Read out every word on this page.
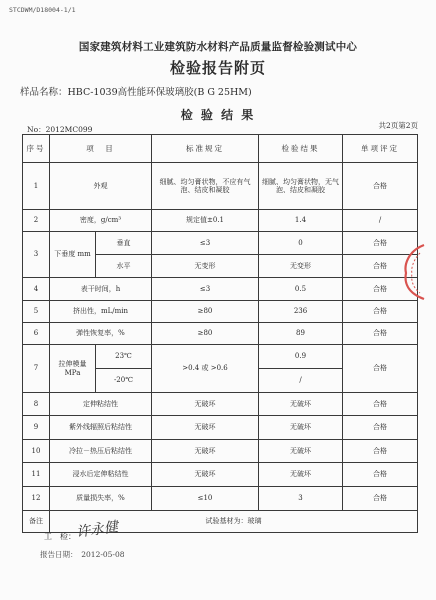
STCDWM/D18004-1/1
国家建筑材料工业建筑防水材料产品质量监督检验测试中心
检验报告附页
样品名称：HBC-1039高性能环保玻璃胶(B G 25HM)
检 验 结 果
No：2012MC099	共2页第2页
序号	项　目		标准规定	检验结果	单项评定
1	外观		细腻、均匀膏状物，不应有气泡、结皮和凝胶	细腻、均匀膏状物，无气泡、结皮和凝胶	合格
2	密度，g/cm³		规定值±0.1	1.4	/
3	下垂度 mm	垂直	≤3	0	合格
		水平	无变形	无变形	合格
4	表干时间，h		≤3	0.5	合格
5	挤出性，mL/min		≥80	236	合格
6	弹性恢复率，%		≥80	89	合格
7	拉伸模量 MPa	23℃	>0.4 或 >0.6	0.9	合格
		-20℃		/	
8	定伸粘结性		无破坏	无破坏	合格
9	紫外线辐照后粘结性		无破坏	无破坏	合格
10	冷拉－热压后粘结性		无破坏	无破坏	合格
11	浸水后定伸粘结性		无破坏	无破坏	合格
12	质量损失率，%		≤10	3	合格
备注	试验基材为：玻璃				
工　检： 许永健
报告日期：　2012-05-08
